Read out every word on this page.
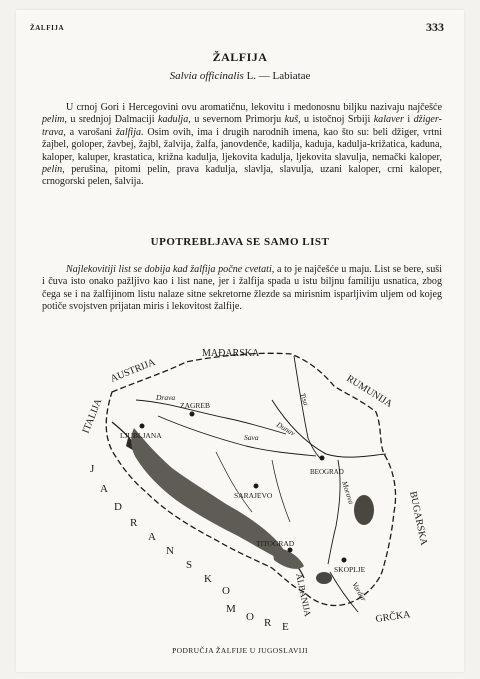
ŽALFIJA	333
ŽALFIJA
Salvia officinalis L. — Labiatae

U crnoj Gori i Hercegovini ovu aromatičnu, lekovitu i medonosnu biljku nazivaju najčešće pelim, u srednjoj Dalmaciji kadulja, u severnom Primorju kuš, u istočnoj Srbiji kalaver i džiger-trava, a varošani žalfija. Osim ovih, ima i drugih narodnih imena, kao što su: beli džiger, vrtni žajbel, goloper, žavbej, žajbl, žalvija, žalfa, janovdenče, kadilja, kaduja, kadulja-križatica, kaduna, kaloper, kaluper, krastatica, križna kadulja, ljekovita kadulja, ljekovita slavulja, nemački kaloper, pelin, perušina, pitomi pelin, prava kadulja, slavlja, slavulja, uzani kaloper, crni kaloper, crnogorski pelen, šalvija.

UPOTREBLJAVA SE SAMO LIST

Najlekovitiji list se dobija kad žalfija počne cvetati, a to je najčešće u maju. List se bere, suši i čuva isto onako pažljivo kao i list nane, jer i žalfija spada u istu biljnu familiju usnatica, zbog čega se i na žalfijinom listu nalaze sitne sekretorne žlezde sa mirisnim isparljivim uljem od kojeg potiče svojstven prijatan miris i lekovitost žalfije.

AUSTRIJA
MAĐARSKA
RUMUNIJA
ITALIJA
BUGARSKA
ALBANIJA	GRČKA
ZAGREB
LJUBLJANA
BEOGRAD
SARAJEVO
TITOGRAD
SKOPLJE
Drava	Tisa
Dunav
Sava
Morava
Vardar
J
A
D
R
A
N
S
K
O
M
O R E
PODRUČJA ŽALFIJE U JUGOSLAVIJI
